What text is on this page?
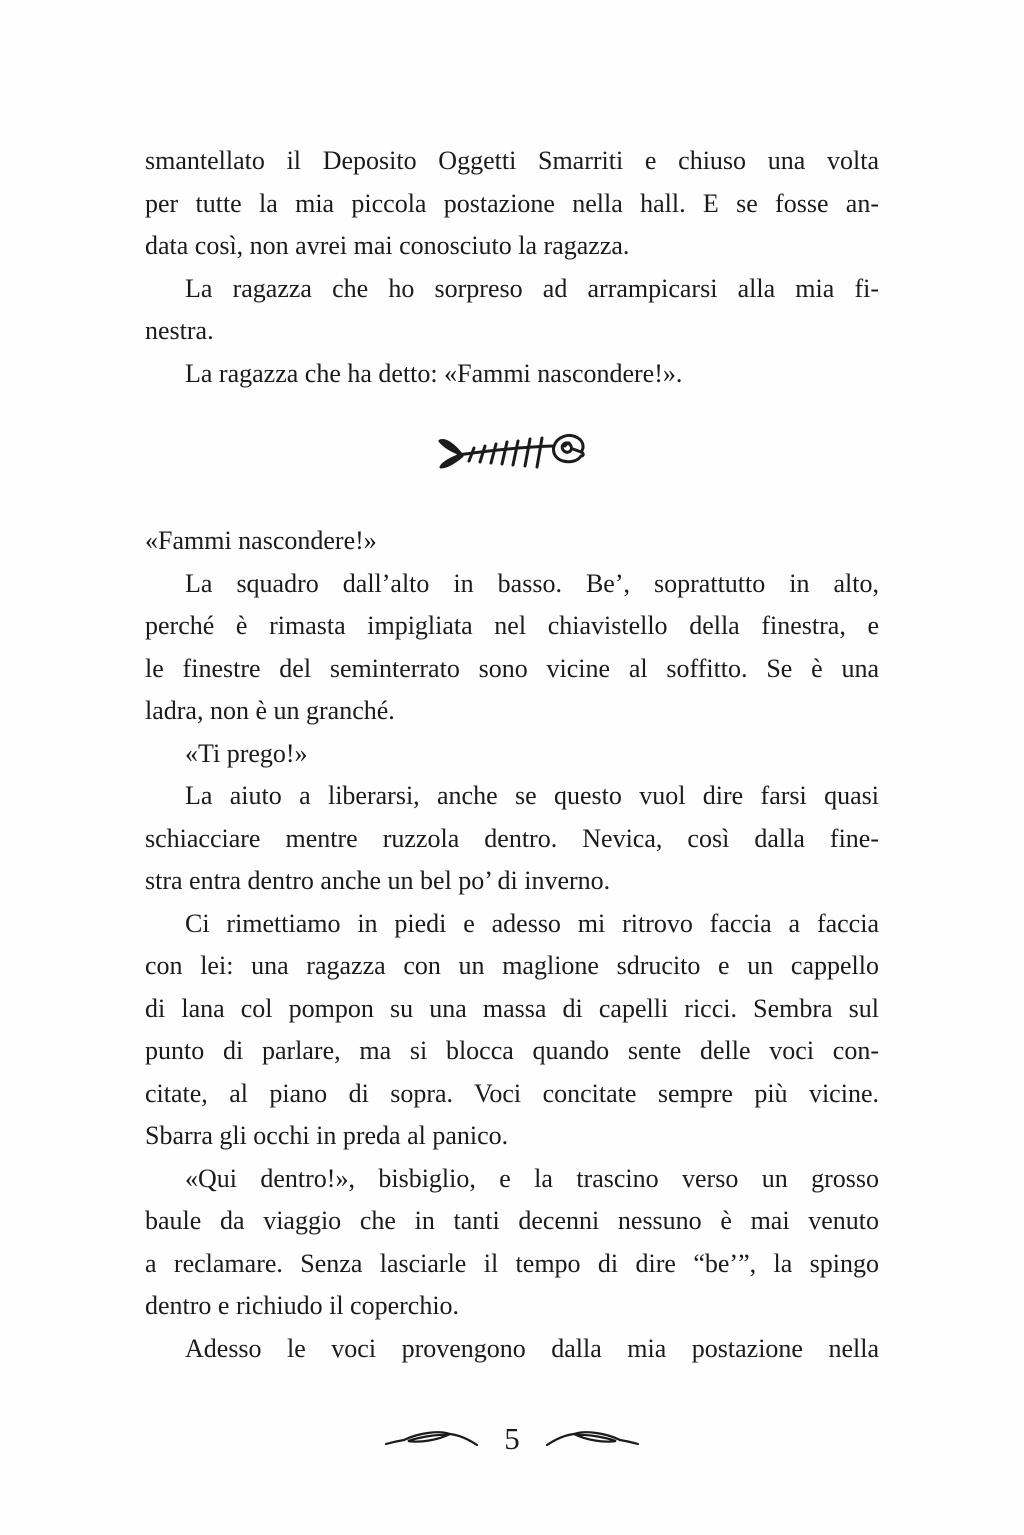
smantellato il Deposito Oggetti Smarriti e chiuso una volta
per tutte la mia piccola postazione nella hall. E se fosse an-
data così, non avrei mai conosciuto la ragazza.
La ragazza che ho sorpreso ad arrampicarsi alla mia fi-
nestra.
La ragazza che ha detto: «Fammi nascondere!».
«Fammi nascondere!»
La squadro dall’alto in basso. Be’, soprattutto in alto,
perché è rimasta impigliata nel chiavistello della finestra, e
le finestre del seminterrato sono vicine al soffitto. Se è una
ladra, non è un granché.
«Ti prego!»
La aiuto a liberarsi, anche se questo vuol dire farsi quasi
schiacciare mentre ruzzola dentro. Nevica, così dalla fine-
stra entra dentro anche un bel po’ di inverno.
Ci rimettiamo in piedi e adesso mi ritrovo faccia a faccia
con lei: una ragazza con un maglione sdrucito e un cappello
di lana col pompon su una massa di capelli ricci. Sembra sul
punto di parlare, ma si blocca quando sente delle voci con-
citate, al piano di sopra. Voci concitate sempre più vicine.
Sbarra gli occhi in preda al panico.
«Qui dentro!», bisbiglio, e la trascino verso un grosso
baule da viaggio che in tanti decenni nessuno è mai venuto
a reclamare. Senza lasciarle il tempo di dire “be’”, la spingo
dentro e richiudo il coperchio.
Adesso le voci provengono dalla mia postazione nella
5
